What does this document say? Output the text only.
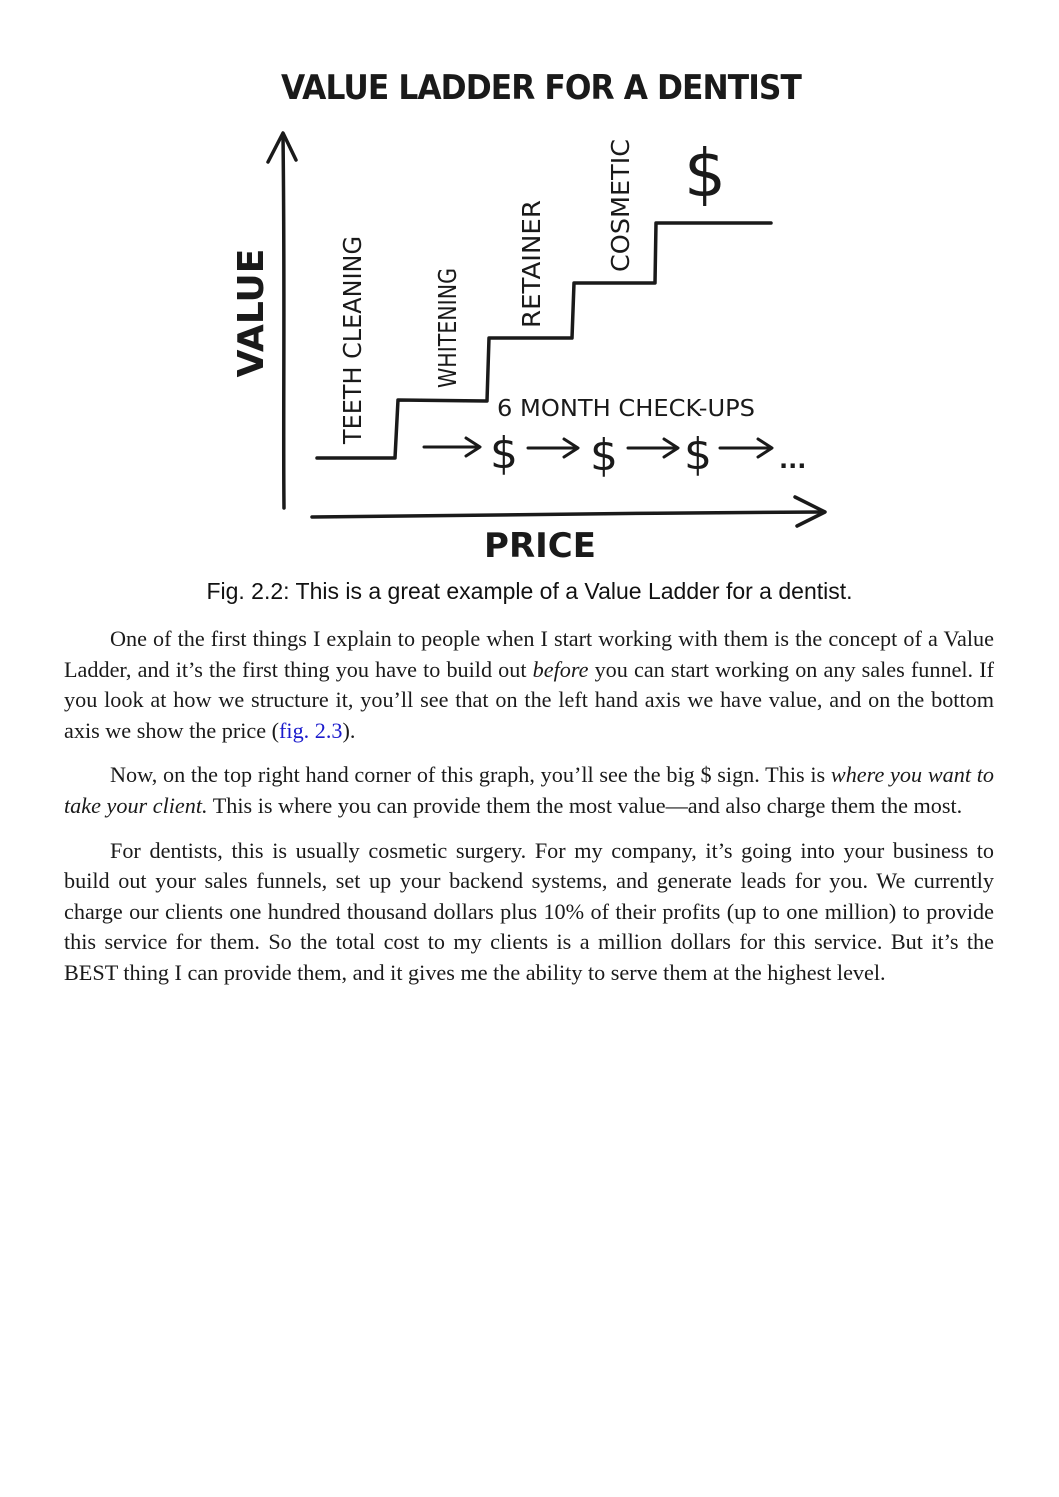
VALUE LADDER FOR A DENTIST
VALUE
PRICE
TEETH CLEANING	WHITENING RETAINER COSMETIC $
6 MONTH CHECK-UPS
$ $ $	...
Fig. 2.2: This is a great example of a Value Ladder for a dentist.

One of the first things I explain to people when I start working with them is the concept of a Value Ladder, and it’s the first thing you have to build out before you can start working on any sales funnel. If you look at how we structure it, you’ll see that on the left hand axis we have value, and on the bottom axis we show the price (fig. 2.3).

Now, on the top right hand corner of this graph, you’ll see the big $ sign. This is where you want to take your client. This is where you can provide them the most value—and also charge them the most.

For dentists, this is usually cosmetic surgery. For my company, it’s going into your business to build out your sales funnels, set up your backend systems, and generate leads for you. We currently charge our clients one hundred thousand dollars plus 10% of their profits (up to one million) to provide this service for them. So the total cost to my clients is a million dollars for this service. But it’s the BEST thing I can provide them, and it gives me the ability to serve them at the highest level.
